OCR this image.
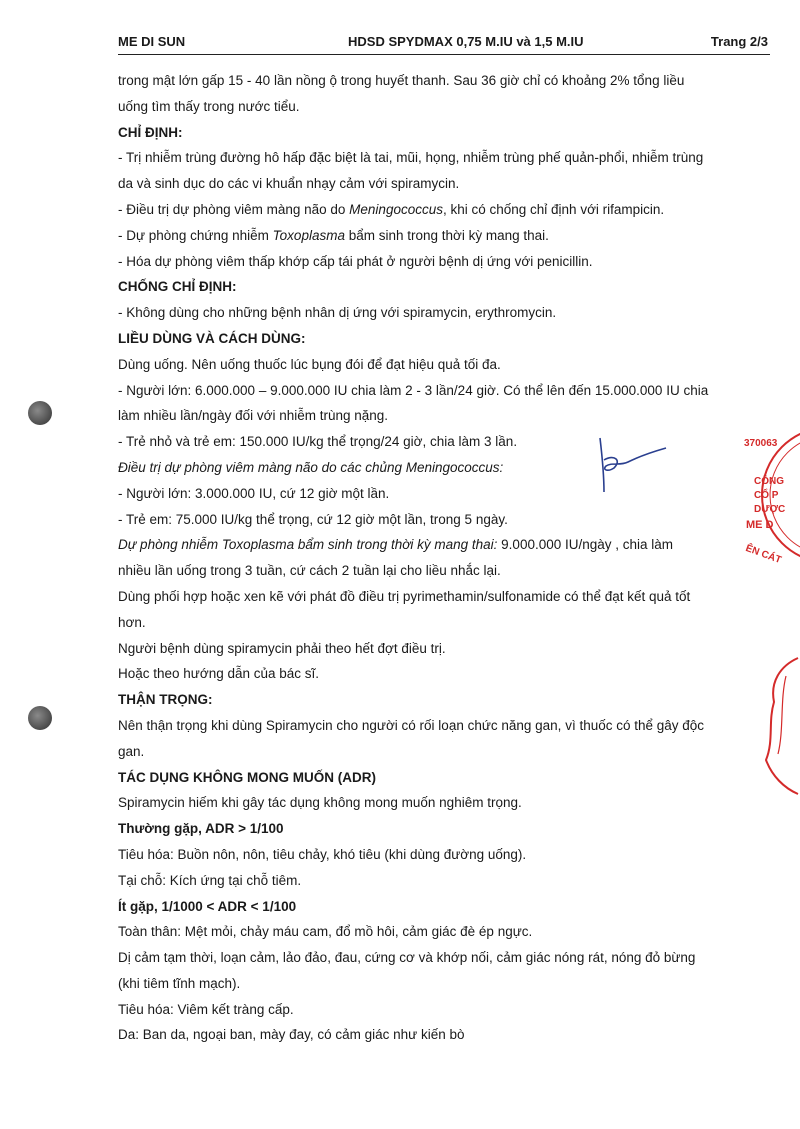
ME DI SUN	HDSD SPYDMAX 0,75 M.IU và 1,5 M.IU	Trang 2/3

trong mật lớn gấp 15 - 40 lần nồng ộ trong huyết thanh. Sau 36 giờ chỉ có khoảng 2% tổng liều

uống tìm thấy trong nước tiểu.

CHỈ ĐỊNH:

- Trị nhiễm trùng đường hô hấp đặc biệt là tai, mũi, họng, nhiễm trùng phế quản-phổi, nhiễm trùng

da và sinh dục do các vi khuẩn nhạy cảm với spiramycin.

- Điều trị dự phòng viêm màng não do Meningococcus, khi có chống chỉ định với rifampicin.

- Dự phòng chứng nhiễm Toxoplasma bẩm sinh trong thời kỳ mang thai.

- Hóa dự phòng viêm thấp khớp cấp tái phát ở người bệnh dị ứng với penicillin.

CHỐNG CHỈ ĐỊNH:

- Không dùng cho những bệnh nhân dị ứng với spiramycin, erythromycin.

LIỀU DÙNG VÀ CÁCH DÙNG:

Dùng uống. Nên uống thuốc lúc bụng đói để đạt hiệu quả tối đa.

- Người lớn: 6.000.000 – 9.000.000 IU chia làm 2 - 3 lần/24 giờ. Có thể lên đến 15.000.000 IU chia

làm nhiều lần/ngày đối với nhiễm trùng nặng.

- Trẻ nhỏ và trẻ em: 150.000 IU/kg thể trọng/24 giờ, chia làm 3 lần.

Điều trị dự phòng viêm màng não do các chủng Meningococcus:

- Người lớn: 3.000.000 IU, cứ 12 giờ một lần.

- Trẻ em: 75.000 IU/kg thể trọng, cứ 12 giờ một lần, trong 5 ngày.

Dự phòng nhiễm Toxoplasma bẩm sinh trong thời kỳ mang thai: 9.000.000 IU/ngày , chia làm

nhiều lần uống trong 3 tuần, cứ cách 2 tuần lại cho liều nhắc lại.

Dùng phối hợp hoặc xen kẽ với phát đồ điều trị pyrimethamin/sulfonamide có thể đạt kết quả tốt

hơn.

Người bệnh dùng spiramycin phải theo hết đợt điều trị.

Hoặc theo hướng dẫn của bác sĩ.

THẬN TRỌNG:

Nên thận trọng khi dùng Spiramycin cho người có rối loạn chức năng gan, vì thuốc có thể gây độc

gan.

TÁC DỤNG KHÔNG MONG MUỐN (ADR)

Spiramycin hiếm khi gây tác dụng không mong muốn nghiêm trọng.

Thường gặp, ADR > 1/100

Tiêu hóa: Buồn nôn, nôn, tiêu chảy, khó tiêu (khi dùng đường uống).

Tại chỗ: Kích ứng tại chỗ tiêm.

Ít gặp, 1/1000 < ADR < 1/100

Toàn thân: Mệt mỏi, chảy máu cam, đổ mồ hôi, cảm giác đè ép ngực.

Dị cảm tạm thời, loạn cảm, lảo đảo, đau, cứng cơ và khớp nối, cảm giác nóng rát, nóng đỏ bừng

(khi tiêm tĩnh mạch).

Tiêu hóa: Viêm kết tràng cấp.

Da: Ban da, ngoại ban, mày đay, có cảm giác như kiến bò

370063
CÔNG
CỔ P
DƯỢC
ME D
ÊN CÁT
